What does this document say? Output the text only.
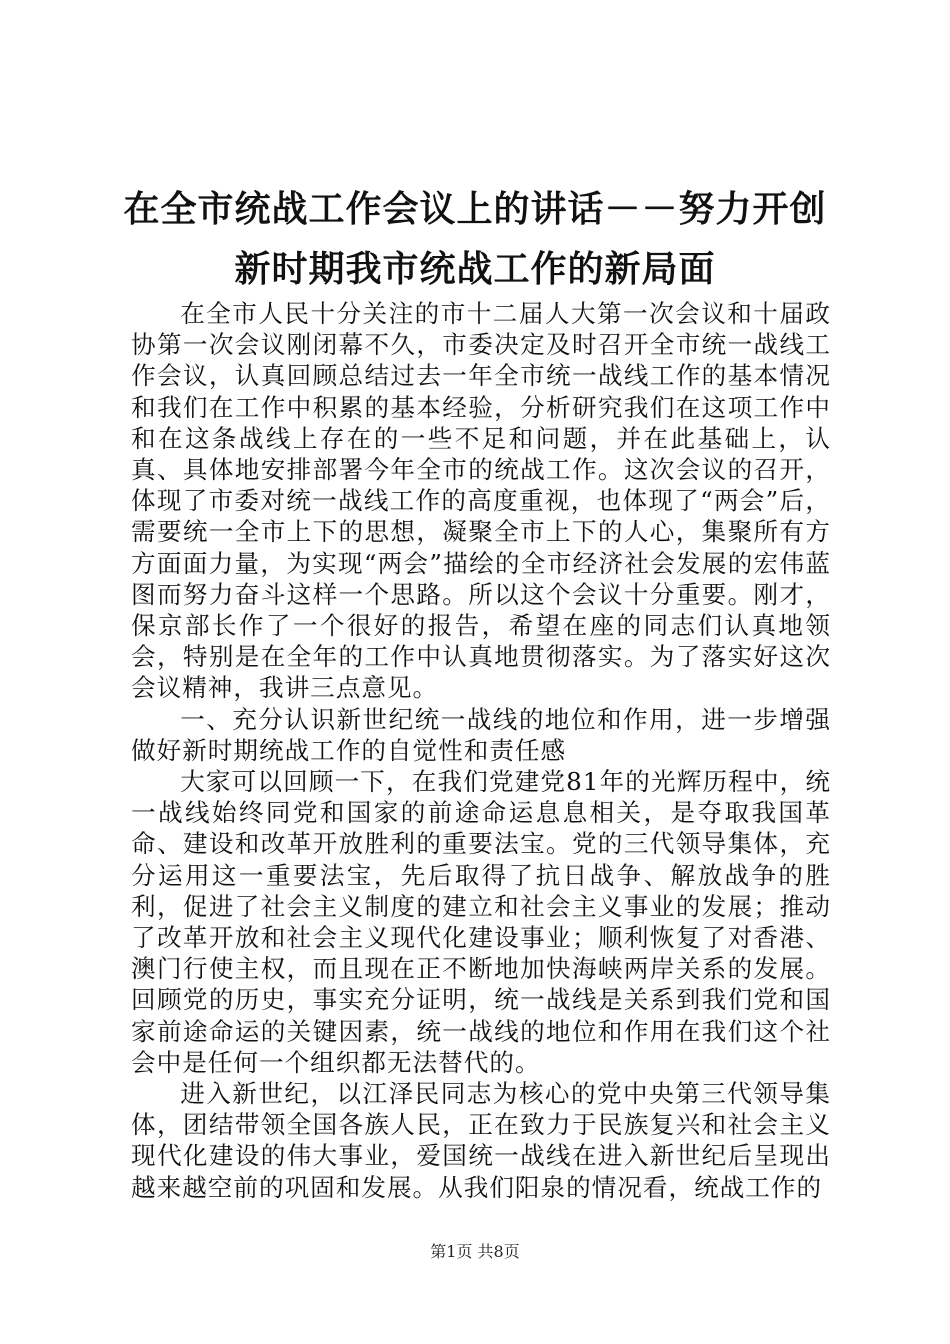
在全市统战工作会议上的讲话－－努力开创新时期我市统战工作的新局面

在全市人民十分关注的市十二届人大第一次会议和十届政协第一次会议刚闭幕不久，市委决定及时召开全市统一战线工作会议，认真回顾总结过去一年全市统一战线工作的基本情况和我们在工作中积累的基本经验，分析研究我们在这项工作中和在这条战线上存在的一些不足和问题，并在此基础上，认真、具体地安排部署今年全市的统战工作。这次会议的召开，体现了市委对统一战线工作的高度重视，也体现了“两会”后，需要统一全市上下的思想，凝聚全市上下的人心，集聚所有方方面面力量，为实现“两会”描绘的全市经济社会发展的宏伟蓝图而努力奋斗这样一个思路。所以这个会议十分重要。刚才，保京部长作了一个很好的报告，希望在座的同志们认真地领会，特别是在全年的工作中认真地贯彻落实。为了落实好这次会议精神，我讲三点意见。

一、充分认识新世纪统一战线的地位和作用，进一步增强做好新时期统战工作的自觉性和责任感

大家可以回顾一下，在我们党建党81年的光辉历程中，统一战线始终同党和国家的前途命运息息相关，是夺取我国革命、建设和改革开放胜利的重要法宝。党的三代领导集体，充分运用这一重要法宝，先后取得了抗日战争、解放战争的胜利，促进了社会主义制度的建立和社会主义事业的发展；推动了改革开放和社会主义现代化建设事业；顺利恢复了对香港、澳门行使主权，而且现在正不断地加快海峡两岸关系的发展。回顾党的历史，事实充分证明，统一战线是关系到我们党和国家前途命运的关键因素，统一战线的地位和作用在我们这个社会中是任何一个组织都无法替代的。

进入新世纪，以江泽民同志为核心的党中央第三代领导集体，团结带领全国各族人民，正在致力于民族复兴和社会主义现代化建设的伟大事业，爱国统一战线在进入新世纪后呈现出越来越空前的巩固和发展。从我们阳泉的情况看，统战工作的

第1页 共8页
